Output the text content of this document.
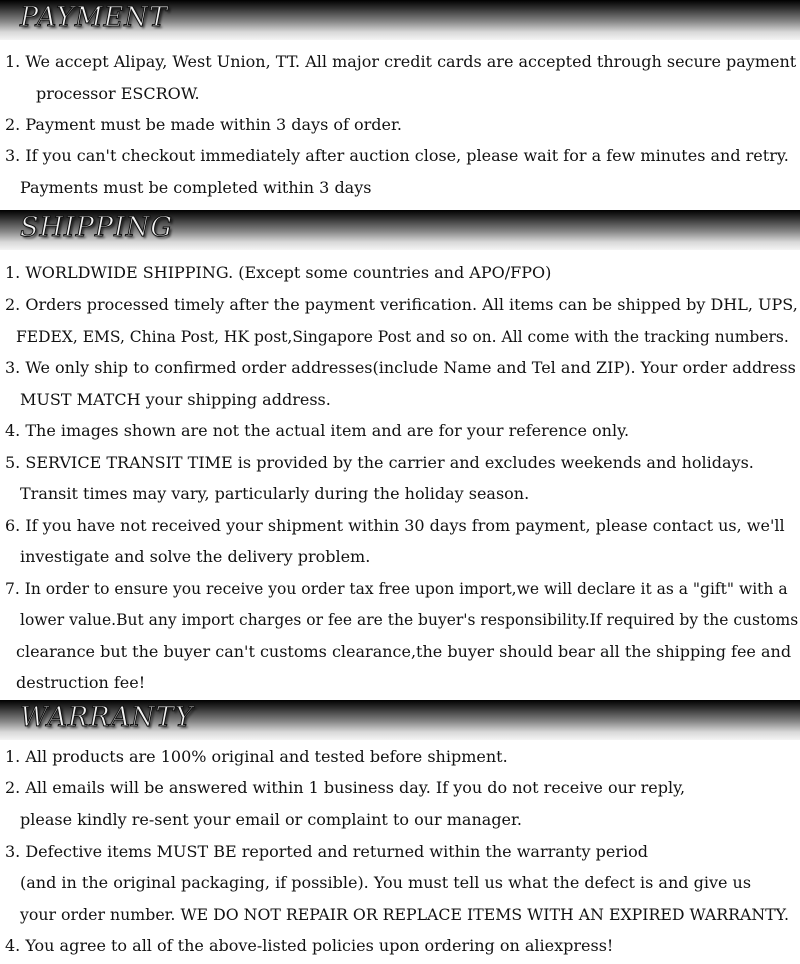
PAYMENT
1. We accept Alipay, West Union, TT. All major credit cards are accepted through secure payment
processor ESCROW.
2. Payment must be made within 3 days of order.
3. If you can't checkout immediately after auction close, please wait for a few minutes and retry.
Payments must be completed within 3 days
SHIPPING
1. WORLDWIDE SHIPPING. (Except some countries and APO/FPO)
2. Orders processed timely after the payment verification. All items can be shipped by DHL, UPS,
FEDEX, EMS, China Post, HK post,Singapore Post and so on. All come with the tracking numbers.
3. We only ship to confirmed order addresses(include Name and Tel and ZIP). Your order address
MUST MATCH your shipping address.
4. The images shown are not the actual item and are for your reference only.
5. SERVICE TRANSIT TIME is provided by the carrier and excludes weekends and holidays.
Transit times may vary, particularly during the holiday season.
6. If you have not received your shipment within 30 days from payment, please contact us, we'll
investigate and solve the delivery problem.
7. In order to ensure you receive you order tax free upon import,we will declare it as a "gift" with a
lower value.But any import charges or fee are the buyer's responsibility.If required by the customs
clearance but the buyer can't customs clearance,the buyer should bear all the shipping fee and
destruction fee!
WARRANTY
1. All products are 100% original and tested before shipment.
2. All emails will be answered within 1 business day. If you do not receive our reply,
please kindly re-sent your email or complaint to our manager.
3. Defective items MUST BE reported and returned within the warranty period
(and in the original packaging, if possible). You must tell us what the defect is and give us
your order number. WE DO NOT REPAIR OR REPLACE ITEMS WITH AN EXPIRED WARRANTY.
4. You agree to all of the above-listed policies upon ordering on aliexpress!
